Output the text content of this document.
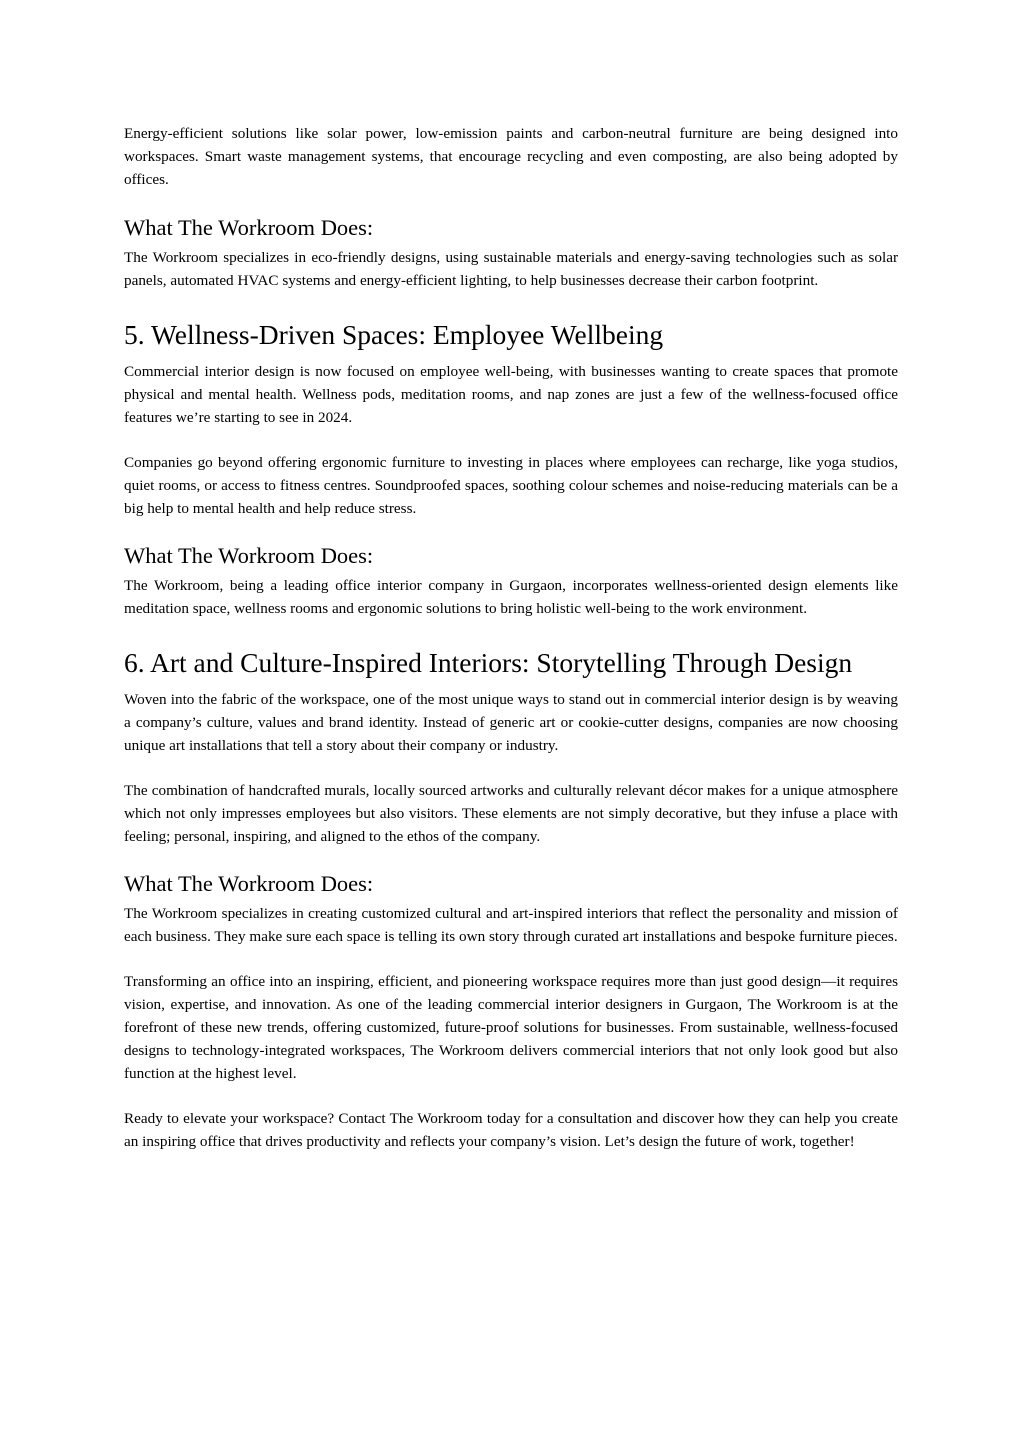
Energy-efficient solutions like solar power, low-emission paints and carbon-neutral furniture are being designed into workspaces. Smart waste management systems, that encourage recycling and even composting, are also being adopted by offices.

What The Workroom Does:

The Workroom specializes in eco-friendly designs, using sustainable materials and energy-saving technologies such as solar panels, automated HVAC systems and energy-efficient lighting, to help businesses decrease their carbon footprint.

5. Wellness-Driven Spaces: Employee Wellbeing

Commercial interior design is now focused on employee well-being, with businesses wanting to create spaces that promote physical and mental health. Wellness pods, meditation rooms, and nap zones are just a few of the wellness-focused office features we’re starting to see in 2024.

Companies go beyond offering ergonomic furniture to investing in places where employees can recharge, like yoga studios, quiet rooms, or access to fitness centres. Soundproofed spaces, soothing colour schemes and noise-reducing materials can be a big help to mental health and help reduce stress.

What The Workroom Does:

The Workroom, being a leading office interior company in Gurgaon, incorporates wellness-oriented design elements like meditation space, wellness rooms and ergonomic solutions to bring holistic well-being to the work environment.

6. Art and Culture-Inspired Interiors: Storytelling Through Design

Woven into the fabric of the workspace, one of the most unique ways to stand out in commercial interior design is by weaving a company’s culture, values and brand identity. Instead of generic art or cookie-cutter designs, companies are now choosing unique art installations that tell a story about their company or industry.

The combination of handcrafted murals, locally sourced artworks and culturally relevant décor makes for a unique atmosphere which not only impresses employees but also visitors. These elements are not simply decorative, but they infuse a place with feeling; personal, inspiring, and aligned to the ethos of the company.

What The Workroom Does:

The Workroom specializes in creating customized cultural and art-inspired interiors that reflect the personality and mission of each business. They make sure each space is telling its own story through curated art installations and bespoke furniture pieces.

Transforming an office into an inspiring, efficient, and pioneering workspace requires more than just good design—it requires vision, expertise, and innovation. As one of the leading commercial interior designers in Gurgaon, The Workroom is at the forefront of these new trends, offering customized, future-proof solutions for businesses. From sustainable, wellness-focused designs to technology-integrated workspaces, The Workroom delivers commercial interiors that not only look good but also function at the highest level.

Ready to elevate your workspace? Contact The Workroom today for a consultation and discover how they can help you create an inspiring office that drives productivity and reflects your company’s vision. Let’s design the future of work, together!
